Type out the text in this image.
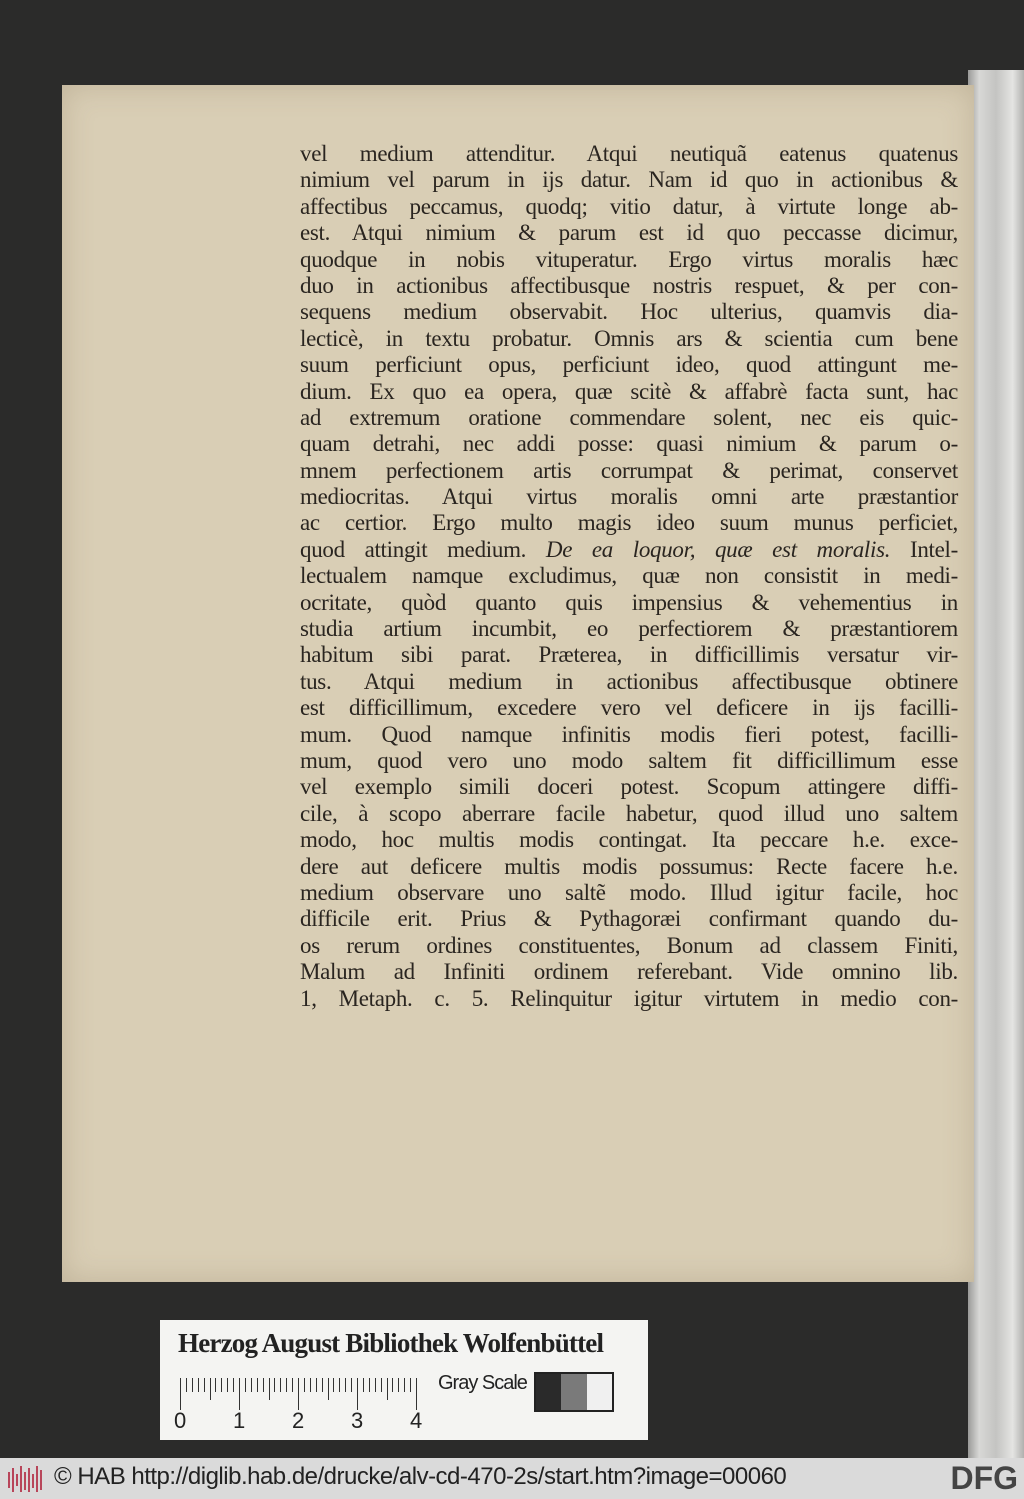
vel medium attenditur. Atqui neutiquã eatenus quatenus
nimium vel parum in ijs datur. Nam id quo in actionibus &
affectibus peccamus, quodq; vitio datur, à virtute longe ab-
est. Atqui nimium & parum est id quo peccasse dicimur,
quodque in nobis vituperatur. Ergo virtus moralis hæc
duo in actionibus affectibusque nostris respuet, & per con-
sequens medium observabit. Hoc ulterius, quamvis dia-
lecticè, in textu probatur. Omnis ars & scientia cum bene
suum perficiunt opus, perficiunt ideo, quod attingunt me-
dium. Ex quo ea opera, quæ scitè & affabrè facta sunt, hac
ad extremum oratione commendare solent, nec eis quic-
quam detrahi, nec addi posse: quasi nimium & parum o-
mnem perfectionem artis corrumpat & perimat, conservet
mediocritas. Atqui virtus moralis omni arte præstantior
ac certior. Ergo multo magis ideo suum munus perficiet,
quod attingit medium. De ea loquor, quæ est moralis. Intel-
lectualem namque excludimus, quæ non consistit in medi-
ocritate, quòd quanto quis impensius & vehementius in
studia artium incumbit, eo perfectiorem & præstantiorem
habitum sibi parat. Præterea, in difficillimis versatur vir-
tus. Atqui medium in actionibus affectibusque obtinere
est difficillimum, excedere vero vel deficere in ijs facilli-
mum. Quod namque infinitis modis fieri potest, facilli-
mum, quod vero uno modo saltem fit difficillimum esse
vel exemplo simili doceri potest. Scopum attingere diffi-
cile, à scopo aberrare facile habetur, quod illud uno saltem
modo, hoc multis modis contingat. Ita peccare h.e. exce-
dere aut deficere multis modis possumus: Recte facere h.e.
medium observare uno saltẽ modo. Illud igitur facile, hoc
difficile erit. Prius & Pythagoræi confirmant quando du-
os rerum ordines constituentes, Bonum ad classem Finiti,
Malum ad Infiniti ordinem referebant. Vide omnino lib.
1, Metaph. c. 5. Relinquitur igitur virtutem in medio con-
Herzog August Bibliothek Wolfenbüttel
0 1 2 3 4
Gray Scale
© HAB http://diglib.hab.de/drucke/alv-cd-470-2s/start.htm?image=00060	DFG
